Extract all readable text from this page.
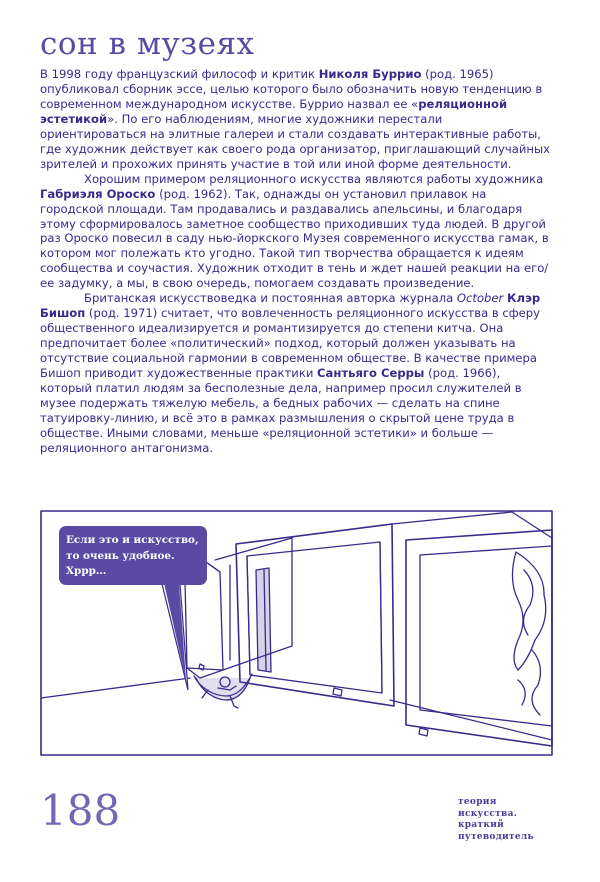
сон в музеях

В 1998 году французский философ и критик Николя Буррио (род. 1965) опубликовал сборник эссе, целью которого было обозначить новую тенденцию в современном международном искусстве. Буррио назвал ее «реляционной эстетикой». По его наблюдениям, многие художники перестали ориентироваться на элитные галереи и стали создавать интерактивные работы, где художник действует как своего рода организатор, приглашающий случайных зрителей и прохожих принять участие в той или иной форме деятельности.

Хорошим примером реляционного искусства являются работы художника Габриэля Ороско (род. 1962). Так, однажды он установил прилавок на городской площади. Там продавались и раздавались апельсины, и благодаря этому сформировалось заметное сообщество приходивших туда людей. В другой раз Ороско повесил в саду нью-йоркского Музея современного искусства гамак, в котором мог полежать кто угодно. Такой тип творчества обращается к идеям сообщества и соучастия. Художник отходит в тень и ждет нашей реакции на его/ее задумку, а мы, в свою очередь, помогаем создавать произведение.

Британская искусствоведка и постоянная авторка журнала October Клэр Бишоп (род. 1971) считает, что вовлеченность реляционного искусства в сферу общественного идеализируется и романтизируется до степени китча. Она предпочитает более «политический» подход, который должен указывать на отсутствие социальной гармонии в современном обществе. В качестве примера Бишоп приводит художественные практики Сантьяго Серры (род. 1966), который платил людям за бесполезные дела, например просил служителей в музее подержать тяжелую мебель, а бедных рабочих — сделать на спине татуировку-линию, и всё это в рамках размышления о скрытой цене труда в обществе. Иными словами, меньше «реляционной эстетики» и больше — реляционного антагонизма.

Если это и искусство,
то очень удобное.
Хррр…
188	теория
искусства.
краткий
путеводитель
